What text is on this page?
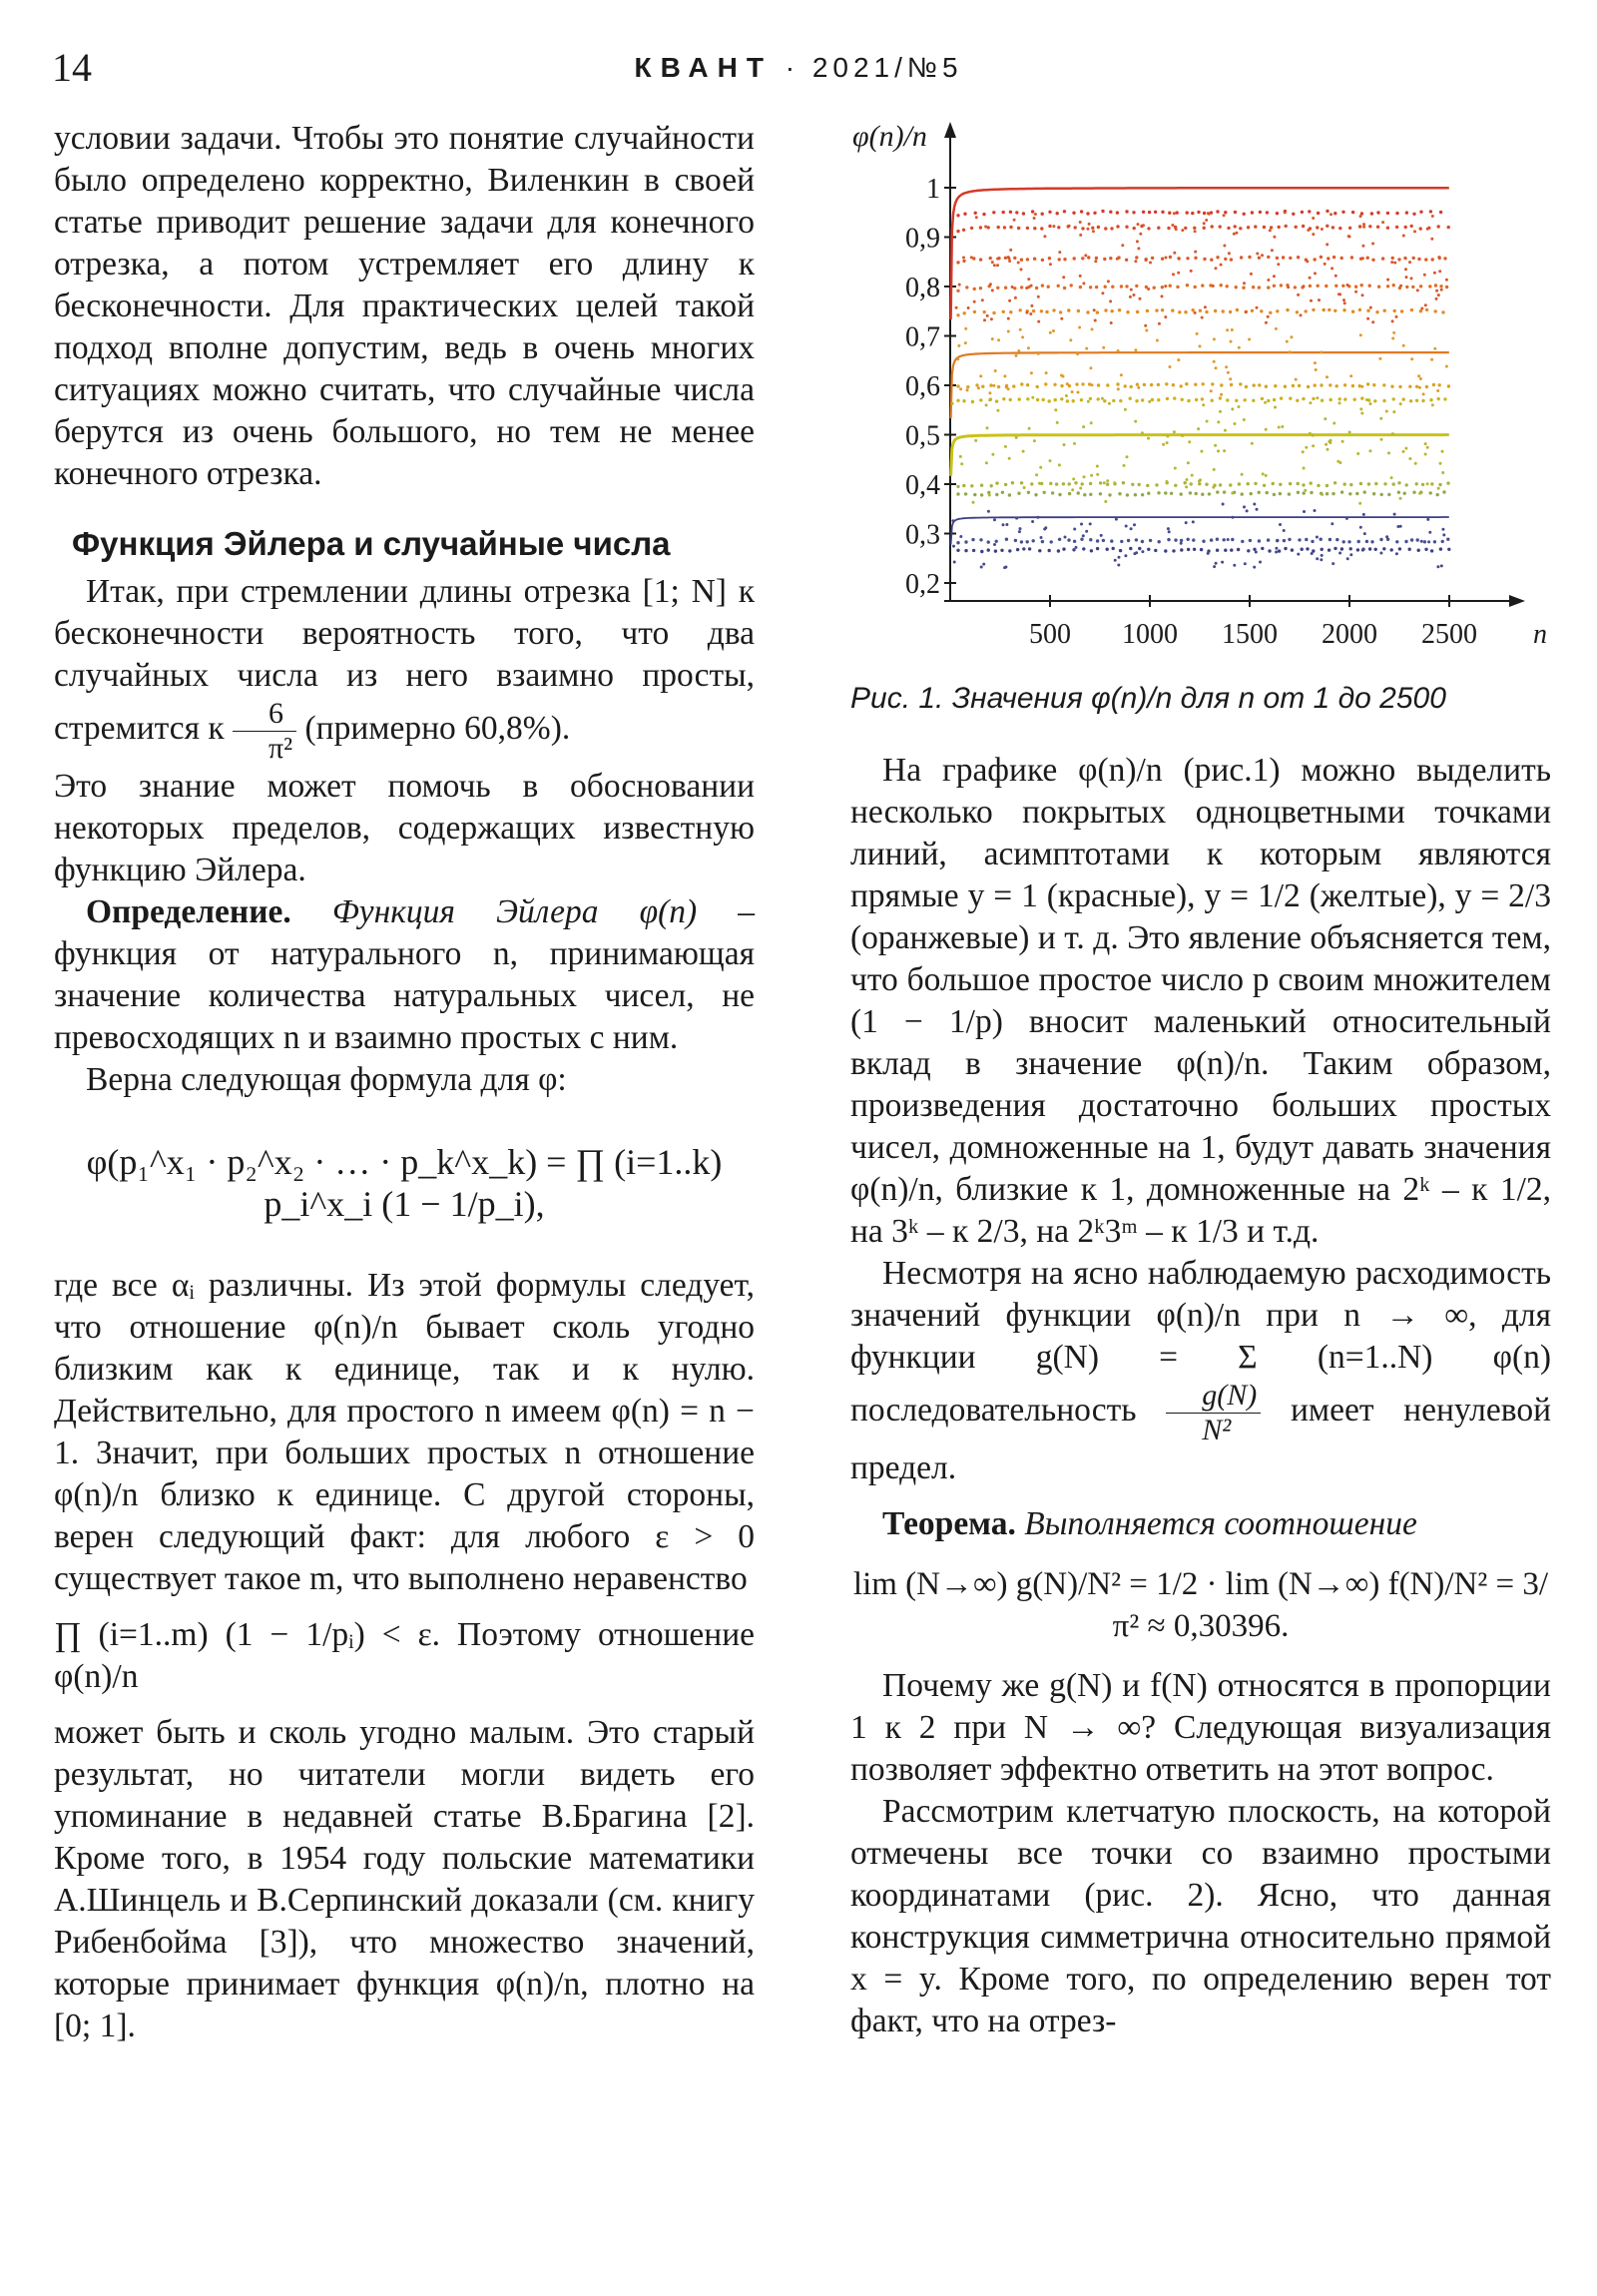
14	КВАНТ · 2021/№5

условии задачи. Чтобы это понятие случайности было определено корректно, Виленкин в своей статье приводит решение задачи для конечного отрезка, а потом устремляет его длину к бесконечности. Для практических целей такой подход вполне допустим, ведь в очень многих ситуациях можно считать, что случайные числа берутся из очень большого, но тем не менее конечного отрезка.

Функция Эйлера и случайные числа

Итак, при стремлении длины отрезка [1; N] к бесконечности вероятность того, что два случайных числа из него взаимно просты, стремится к $\frac{6}{\text{π²}}$ (примерно 60,8%).

Это знание может помочь в обосновании некоторых пределов, содержащих известную функцию Эйлера.

Определение. Функция Эйлера φ(n) – функция от натурального n, принимающая значение количества натуральных чисел, не превосходящих n и взаимно простых с ним.

Верна следующая формула для φ:

φ(p₁^x₁ · p₂^x₂ · … · p_k^x_k) = ∏ (i=1..k) p_i^x_i (1 − 1/p_i),

где все αᵢ различны. Из этой формулы следует, что отношение φ(n)/n бывает сколь угодно близким как к единице, так и к нулю. Действительно, для простого n имеем φ(n) = n − 1. Значит, при больших простых n отношение φ(n)/n близко к единице. С другой стороны, верен следующий факт: для любого ε > 0 существует такое m, что выполнено неравенство

∏ (i=1..m) (1 − 1/pᵢ) < ε. Поэтому отношение φ(n)/n

может быть и сколь угодно малым. Это старый результат, но читатели могли видеть его упоминание в недавней статье В.Брагина [2]. Кроме того, в 1954 году польские математики А.Шинцель и В.Серпинский доказали (см. книгу Рибенбойма [3]), что множество значений, которые принимает функция φ(n)/n, плотно на [0; 1].

0,2
0,3
0,4
0,5
0,6
0,7
0,8
0,9
1
500 1000 1500 2000 2500
φ(n)/n
n
Рис. 1. Значения φ(n)/n для n от 1 до 2500

На графике φ(n)/n (рис.1) можно выделить несколько покрытых одноцветными точками линий, асимптотами к которым являются прямые y = 1 (красные), y = 1/2 (желтые), y = 2/3 (оранжевые) и т. д. Это явление объясняется тем, что большое простое число p своим множителем (1 − 1/p) вносит маленький относительный вклад в значение φ(n)/n. Таким образом, произведения достаточно больших простых чисел, домноженные на 1, будут давать значения φ(n)/n, близкие к 1, домноженные на 2ᵏ – к 1/2, на 3ᵏ – к 2/3, на 2ᵏ3ᵐ – к 1/3 и т.д.

Несмотря на ясно наблюдаемую расходимость значений функции φ(n)/n при n → ∞, для функции g(N) = Σ (n=1..N) φ(n) последовательность $\frac{g(N)}{\text{N²}}$ имеет ненулевой предел.

Теорема. Выполняется соотношение

lim (N→∞) g(N)/N² = 1/2 · lim (N→∞) f(N)/N² = 3/π² ≈ 0,30396.

Почему же g(N) и f(N) относятся в пропорции 1 к 2 при N → ∞? Следующая визуализация позволяет эффектно ответить на этот вопрос.

Рассмотрим клетчатую плоскость, на которой отмечены все точки со взаимно простыми координатами (рис. 2). Ясно, что данная конструкция симметрична относительно прямой x = y. Кроме того, по определению верен тот факт, что на отрез-
